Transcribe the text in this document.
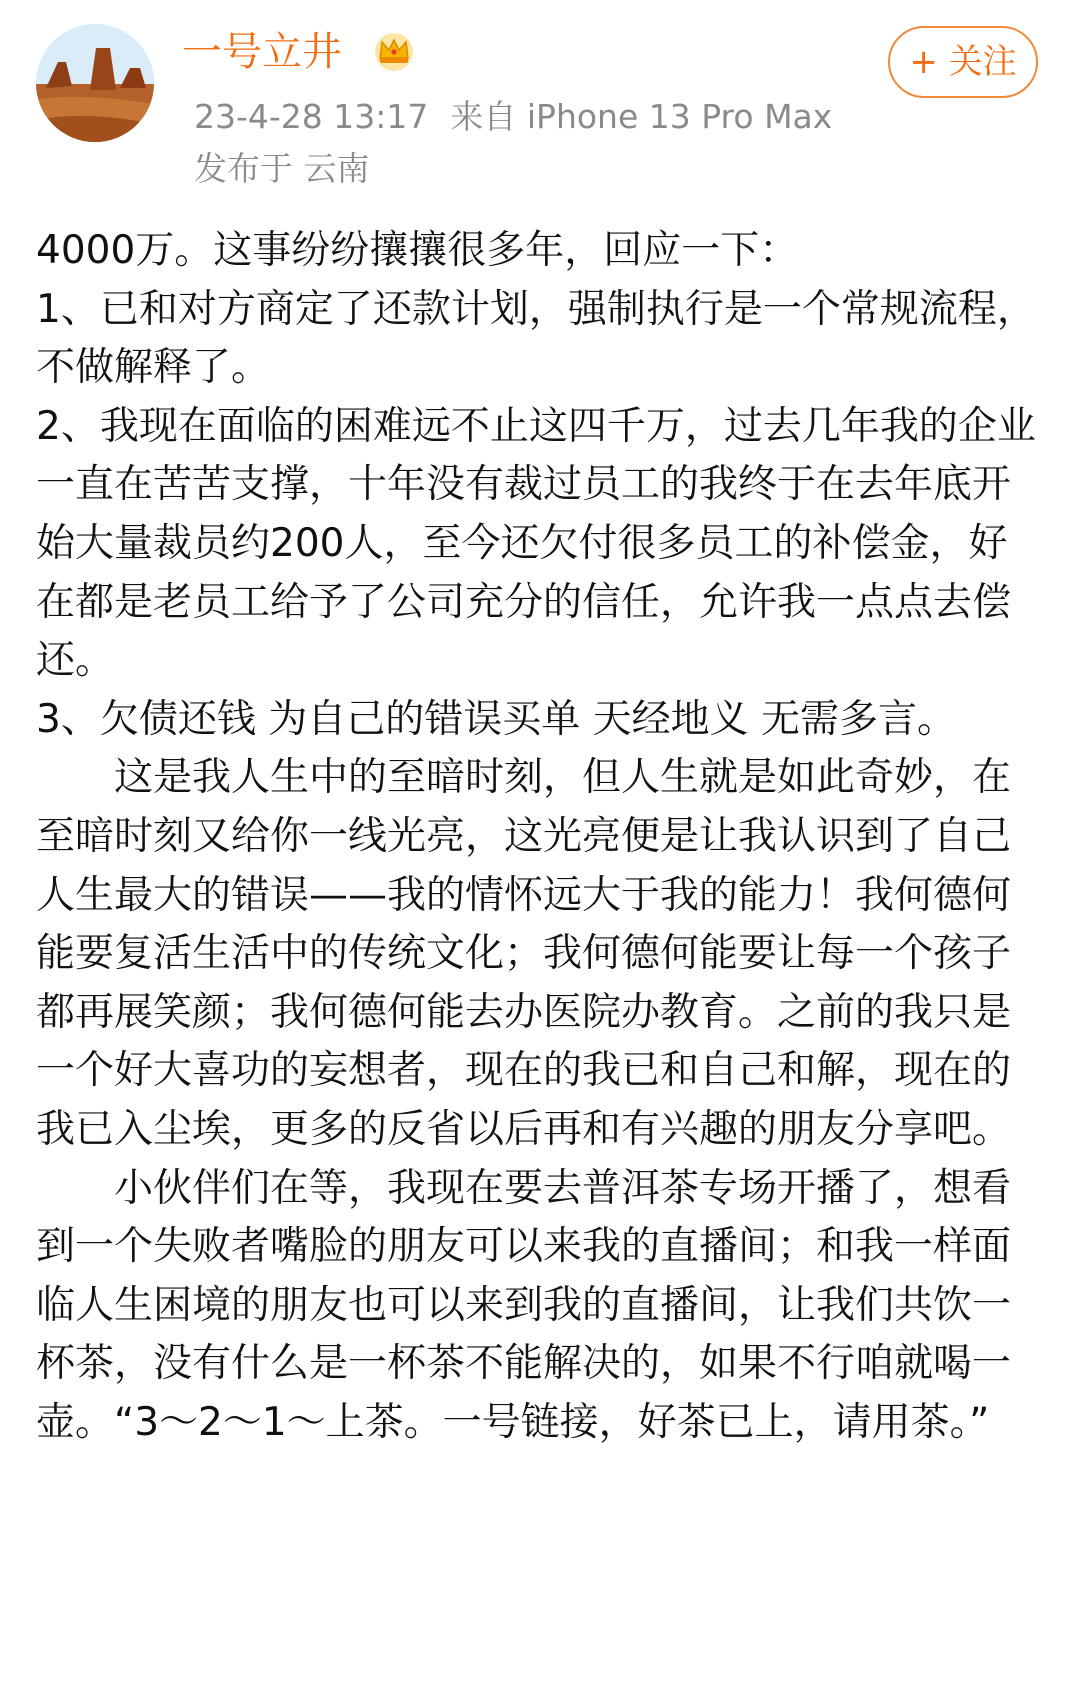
一号立井	+ 关注
23-4-28 13:17 来自 iPhone 13 Pro Max
发布于 云南

4000万。这事纷纷攘攘很多年，回应一下：

1、已和对方商定了还款计划，强制执行是一个常规流程，不做解释了。

2、我现在面临的困难远不止这四千万，过去几年我的企业一直在苦苦支撑，十年没有裁过员工的我终于在去年底开始大量裁员约200人，至今还欠付很多员工的补偿金，好在都是老员工给予了公司充分的信任，允许我一点点去偿还。

3、欠债还钱 为自己的错误买单 天经地义 无需多言。

这是我人生中的至暗时刻，但人生就是如此奇妙，在至暗时刻又给你一线光亮，这光亮便是让我认识到了自己人生最大的错误——我的情怀远大于我的能力！我何德何能要复活生活中的传统文化；我何德何能要让每一个孩子都再展笑颜；我何德何能去办医院办教育。之前的我只是一个好大喜功的妄想者，现在的我已和自己和解，现在的我已入尘埃，更多的反省以后再和有兴趣的朋友分享吧。

小伙伴们在等，我现在要去普洱茶专场开播了，想看到一个失败者嘴脸的朋友可以来我的直播间；和我一样面临人生困境的朋友也可以来到我的直播间，让我们共饮一杯茶，没有什么是一杯茶不能解决的，如果不行咱就喝一壶。“3～2～1～上茶。一号链接，好茶已上，请用茶。”
